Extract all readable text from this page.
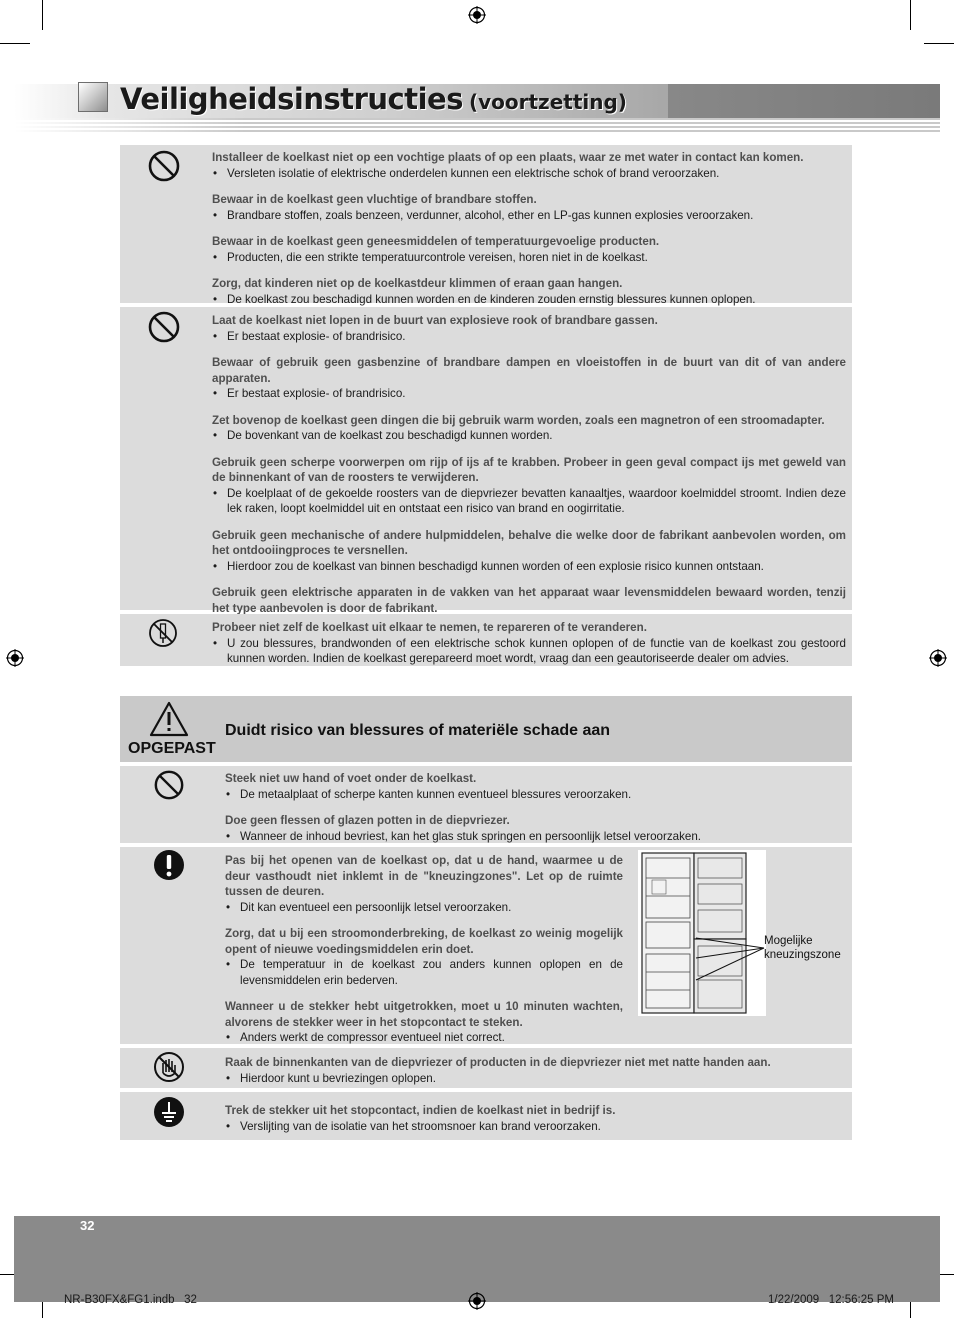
Veiligheidsinstructies (voortzetting)
Installeer de koelkast niet op een vochtige plaats of op een plaats, waar ze met water in contact kan komen.
• Versleten isolatie of elektrische onderdelen kunnen een elektrische schok of brand veroorzaken.
Bewaar in de koelkast geen vluchtige of brandbare stoffen.
• Brandbare stoffen, zoals benzeen, verdunner, alcohol, ether en LP-gas kunnen explosies veroorzaken.
Bewaar in de koelkast geen geneesmiddelen of temperatuurgevoelige producten.
• Producten, die een strikte temperatuurcontrole vereisen, horen niet in de koelkast.
Zorg, dat kinderen niet op de koelkastdeur klimmen of eraan gaan hangen.
• De koelkast zou beschadigd kunnen worden en de kinderen zouden ernstig blessures kunnen oplopen.
Laat de koelkast niet lopen in de buurt van explosieve rook of brandbare gassen.
• Er bestaat explosie- of brandrisico.
Bewaar of gebruik geen gasbenzine of brandbare dampen en vloeistoffen in de buurt van dit of van andere apparaten.
• Er bestaat explosie- of brandrisico.
Zet bovenop de koelkast geen dingen die bij gebruik warm worden, zoals een magnetron of een stroomadapter.
• De bovenkant van de koelkast zou beschadigd kunnen worden.
Gebruik geen scherpe voorwerpen om rijp of ijs af te krabben. Probeer in geen geval compact ijs met geweld van de binnenkant of van de roosters te verwijderen.
• De koelplaat of de gekoelde roosters van de diepvriezer bevatten kanaaltjes, waardoor koelmiddel stroomt. Indien deze lek raken, loopt koelmiddel uit en ontstaat een risico van brand en oogirritatie.
Gebruik geen mechanische of andere hulpmiddelen, behalve die welke door de fabrikant aanbevolen worden, om het ontdooiingproces te versnellen.
• Hierdoor zou de koelkast van binnen beschadigd kunnen worden of een explosie risico kunnen ontstaan.
Gebruik geen elektrische apparaten in de vakken van het apparaat waar levensmiddelen bewaard worden, tenzij het type aanbevolen is door de fabrikant.
Probeer niet zelf de koelkast uit elkaar te nemen, te repareren of te veranderen.
• U zou blessures, brandwonden of een elektrische schok kunnen oplopen of de functie van de koelkast zou gestoord kunnen worden. Indien de koelkast gerepareerd moet wordt, vraag dan een geautoriseerde dealer om advies.
OPGEPAST
Duidt risico van blessures of materiële schade aan
Steek niet uw hand of voet onder de koelkast.
• De metaalplaat of scherpe kanten kunnen eventueel blessures veroorzaken.
Doe geen flessen of glazen potten in de diepvriezer.
• Wanneer de inhoud bevriest, kan het glas stuk springen en persoonlijk letsel veroorzaken.
Pas bij het openen van de koelkast op, dat u de hand, waarmee u de deur vasthoudt niet inklemt in de "kneuzingzones". Let op de ruimte tussen de deuren.
• Dit kan eventueel een persoonlijk letsel veroorzaken.
Zorg, dat u bij een stroomonderbreking, de koelkast zo weinig mogelijk opent of nieuwe voedingsmiddelen erin doet.
• De temperatuur in de koelkast zou anders kunnen oplopen en de levensmiddelen erin bederven.
Wanneer u de stekker hebt uitgetrokken, moet u 10 minuten wachten, alvorens de stekker weer in het stopcontact te steken.
• Anders werkt de compressor eventueel niet correct.
Mogelijke
kneuzingszone
Raak de binnenkanten van de diepvriezer of producten in de diepvriezer niet met natte handen aan.
• Hierdoor kunt u bevriezingen oplopen.
Trek de stekker uit het stopcontact, indien de koelkast niet in bedrijf is.
• Verslijting van de isolatie van het stroomsnoer kan brand veroorzaken.
32
NR-B30FX&FG1.indb   32	1/22/2009   12:56:25 PM
